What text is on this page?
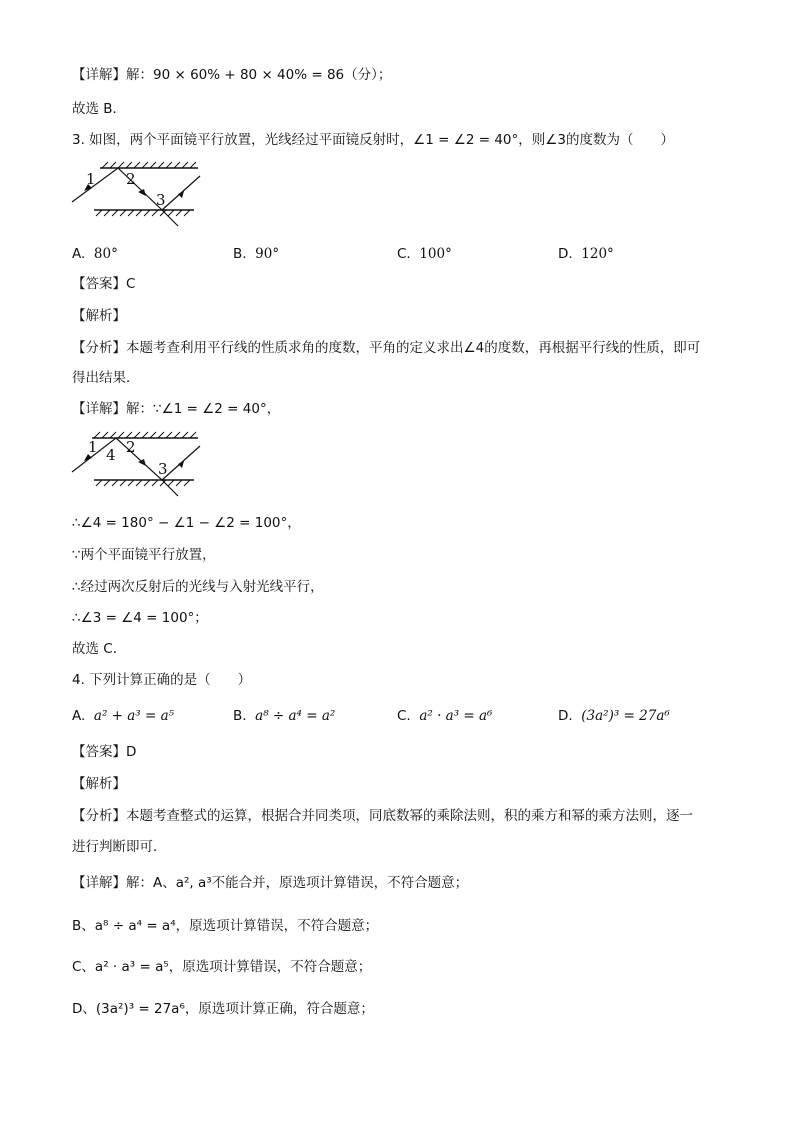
【详解】解：90 × 60% + 80 × 40% = 86（分）；
故选 B．
3. 如图，两个平面镜平行放置，光线经过平面镜反射时，∠1 = ∠2 = 40°，则∠3的度数为（　　）
1 2
3
A. 80°	B. 90°	C. 100°	D. 120°
【答案】C
【解析】
【分析】本题考查利用平行线的性质求角的度数，平角的定义求出∠4的度数，再根据平行线的性质，即可
得出结果．
【详解】解：∵∠1 = ∠2 = 40°，
1 4 2
3
∴∠4 = 180° − ∠1 − ∠2 = 100°，
∵两个平面镜平行放置，
∴经过两次反射后的光线与入射光线平行，
∴∠3 = ∠4 = 100°；
故选 C．
4. 下列计算正确的是（　　）
A. a² + a³ = a⁵	B. a⁸ ÷ a⁴ = a²	C. a² · a³ = a⁶	D. (3a²)³ = 27a⁶
【答案】D
【解析】
【分析】本题考查整式的运算，根据合并同类项，同底数幂的乘除法则，积的乘方和幂的乘方法则，逐一
进行判断即可．
【详解】解：A、a², a³不能合并，原选项计算错误，不符合题意；
B、a⁸ ÷ a⁴ = a⁴，原选项计算错误，不符合题意；
C、a² · a³ = a⁵，原选项计算错误，不符合题意；
D、(3a²)³ = 27a⁶，原选项计算正确，符合题意；
